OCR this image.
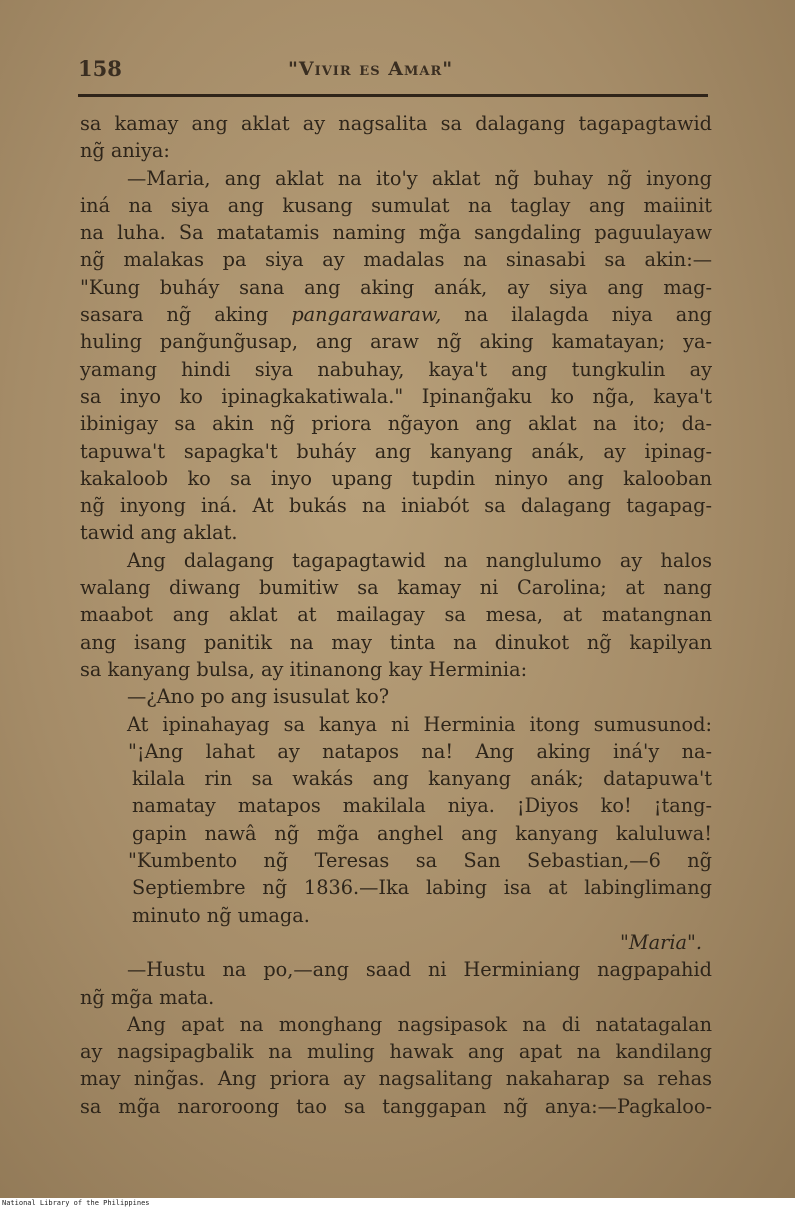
158	"Vivir es Amar"
sa kamay ang aklat ay nagsalita sa dalagang tagapagtawid
ng̃ aniya:
—Maria, ang aklat na ito'y aklat ng̃ buhay ng̃ inyong
iná na siya ang kusang sumulat na taglay ang maiinit
na luha. Sa matatamis naming mg̃a sangdaling paguulayaw
ng̃ malakas pa siya ay madalas na sinasabi sa akin:—
"Kung buháy sana ang aking anák, ay siya ang mag-
sasara ng̃ aking pangarawaraw, na ilalagda niya ang
huling pang̃ung̃usap, ang araw ng̃ aking kamatayan; ya-
yamang hindi siya nabuhay, kaya't ang tungkulin ay
sa inyo ko ipinagkakatiwala." Ipinang̃aku ko ng̃a, kaya't
ibinigay sa akin ng̃ priora ng̃ayon ang aklat na ito; da-
tapuwa't sapagka't buháy ang kanyang anák, ay ipinag-
kakaloob ko sa inyo upang tupdin ninyo ang kalooban
ng̃ inyong iná. At bukás na iniabót sa dalagang tagapag-
tawid ang aklat.
Ang dalagang tagapagtawid na nanglulumo ay halos
walang diwang bumitiw sa kamay ni Carolina; at nang
maabot ang aklat at mailagay sa mesa, at matangnan
ang isang panitik na may tinta na dinukot ng̃ kapilyan
sa kanyang bulsa, ay itinanong kay Herminia:
—¿Ano po ang isusulat ko?
At ipinahayag sa kanya ni Herminia itong sumusunod:
"¡Ang lahat ay natapos na! Ang aking iná'y na-
kilala rin sa wakás ang kanyang anák; datapuwa't
namatay matapos makilala niya. ¡Diyos ko! ¡tang-
gapin nawâ ng̃ mg̃a anghel ang kanyang kaluluwa!
"Kumbento ng̃ Teresas sa San Sebastian,—6 ng̃
Septiembre ng̃ 1836.—Ika labing isa at labinglimang
minuto ng̃ umaga.
"Maria".
—Hustu na po,—ang saad ni Herminiang nagpapahid
ng̃ mg̃a mata.
Ang apat na monghang nagsipasok na di natatagalan
ay nagsipagbalik na muling hawak ang apat na kandilang
may ning̃as. Ang priora ay nagsalitang nakaharap sa rehas
sa mg̃a naroroong tao sa tanggapan ng̃ anya:—Pagkaloo-
National Library of the Philippines
